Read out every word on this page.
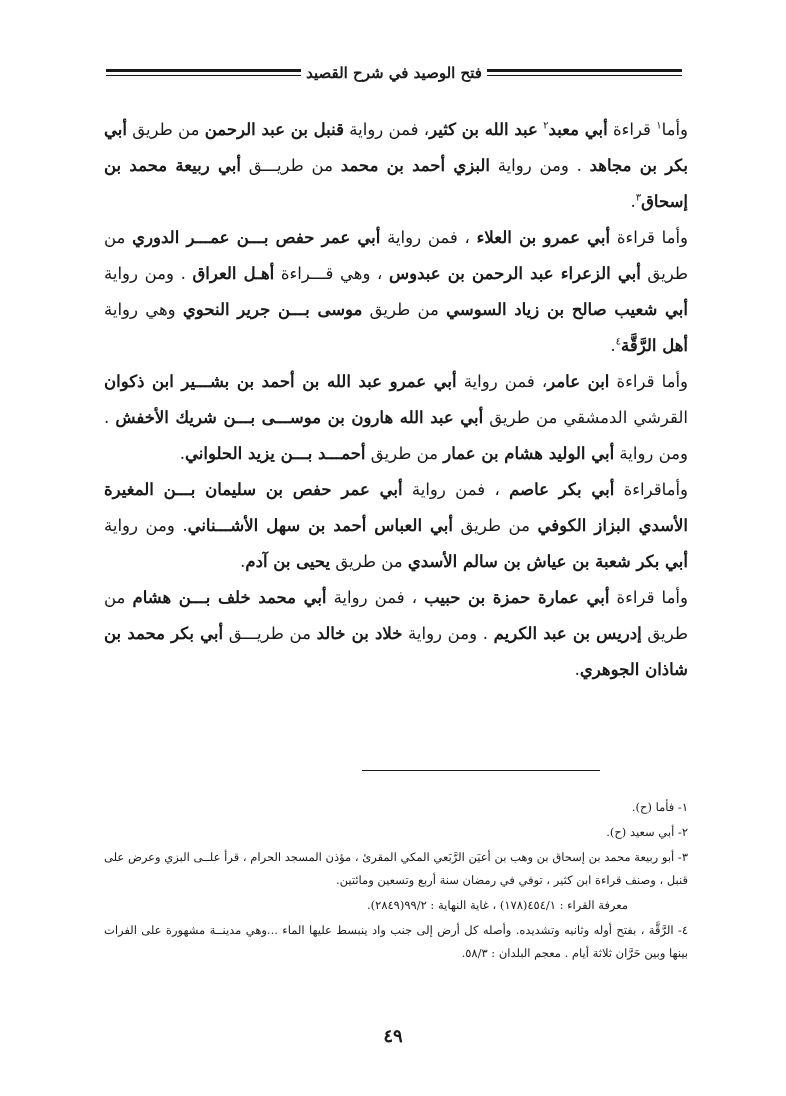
فتح الوصيد في شرح القصيد

وأما$^١$ قراءة أبي معبد$^٢$ عبد الله بن كثير، فمن رواية قنبل بن عبد الرحمن من طريق أبي بكر بن مجاهد . ومن رواية البزي أحمد بن محمد من طريـــق أبي ربيعة محمد بن إسحاق$^٣$.

وأما قراءة أبي عمرو بن العلاء ، فمن رواية أبي عمر حفص بـــن عمـــر الدوري من طريق أبي الزعراء عبد الرحمن بن عبدوس ، وهي قـــراءة أهـل العراق . ومن رواية أبي شعيب صالح بن زياد السوسي من طريق موسى بـــن جرير النحوي وهي رواية أهل الرَّقَّة$^٤$.

وأما قراءة ابن عامر، فمن رواية أبي عمرو عبد الله بن أحمد بن بشـــير ابن ذكوان القرشي الدمشقي من طريق أبي عبد الله هارون بن موســـى بـــن شريك الأخفش . ومن رواية أبي الوليد هشام بن عمار من طريق أحمـــد بـــن يزيد الحلواني.

وأماقراءة أبي بكر عاصم ، فمن رواية أبي عمر حفص بن سليمان بـــن المغيرة الأسدي البزاز الكوفي من طريق أبي العباس أحمد بن سهل الأشـــناني. ومن رواية أبي بكر شعبة بن عياش بن سالم الأسدي من طريق يحيى بن آدم.

وأما قراءة أبي عمارة حمزة بن حبيب ، فمن رواية أبي محمد خلف بـــن هشام من طريق إدريس بن عبد الكريم . ومن رواية خلاد بن خالد من طريـــق أبي بكر محمد بن شاذان الجوهري.

١- فأما (ح).

٢- أبي سعيد (ح).

٣- أبو ربيعة محمد بن إسحاق بن وهب بن أعيَن الرَّبَعي المكي المقرئ ، مؤذن المسجد الحرام ، قرأ علــى البزي وعرض على قنبل ، وصنف قراءة ابن كثير ، توفي في رمضان سنة أربع وتسعين ومائتين.

معرفة القراء : ٤٥٤/١(١٧٨) ، غاية النهاية : ٩٩/٢(٢٨٤٩).

٤- الرَّقَّة ، بفتح أوله وثانيه وتشديده. وأصله كل أرض إلى جنب واد ينبسط عليها الماء ...وهي مدينــة مشهورة على الفرات بينها وبين حَرَّان ثلاثة أيام . معجم البلدان : ٥٨/٣.

٤٩
